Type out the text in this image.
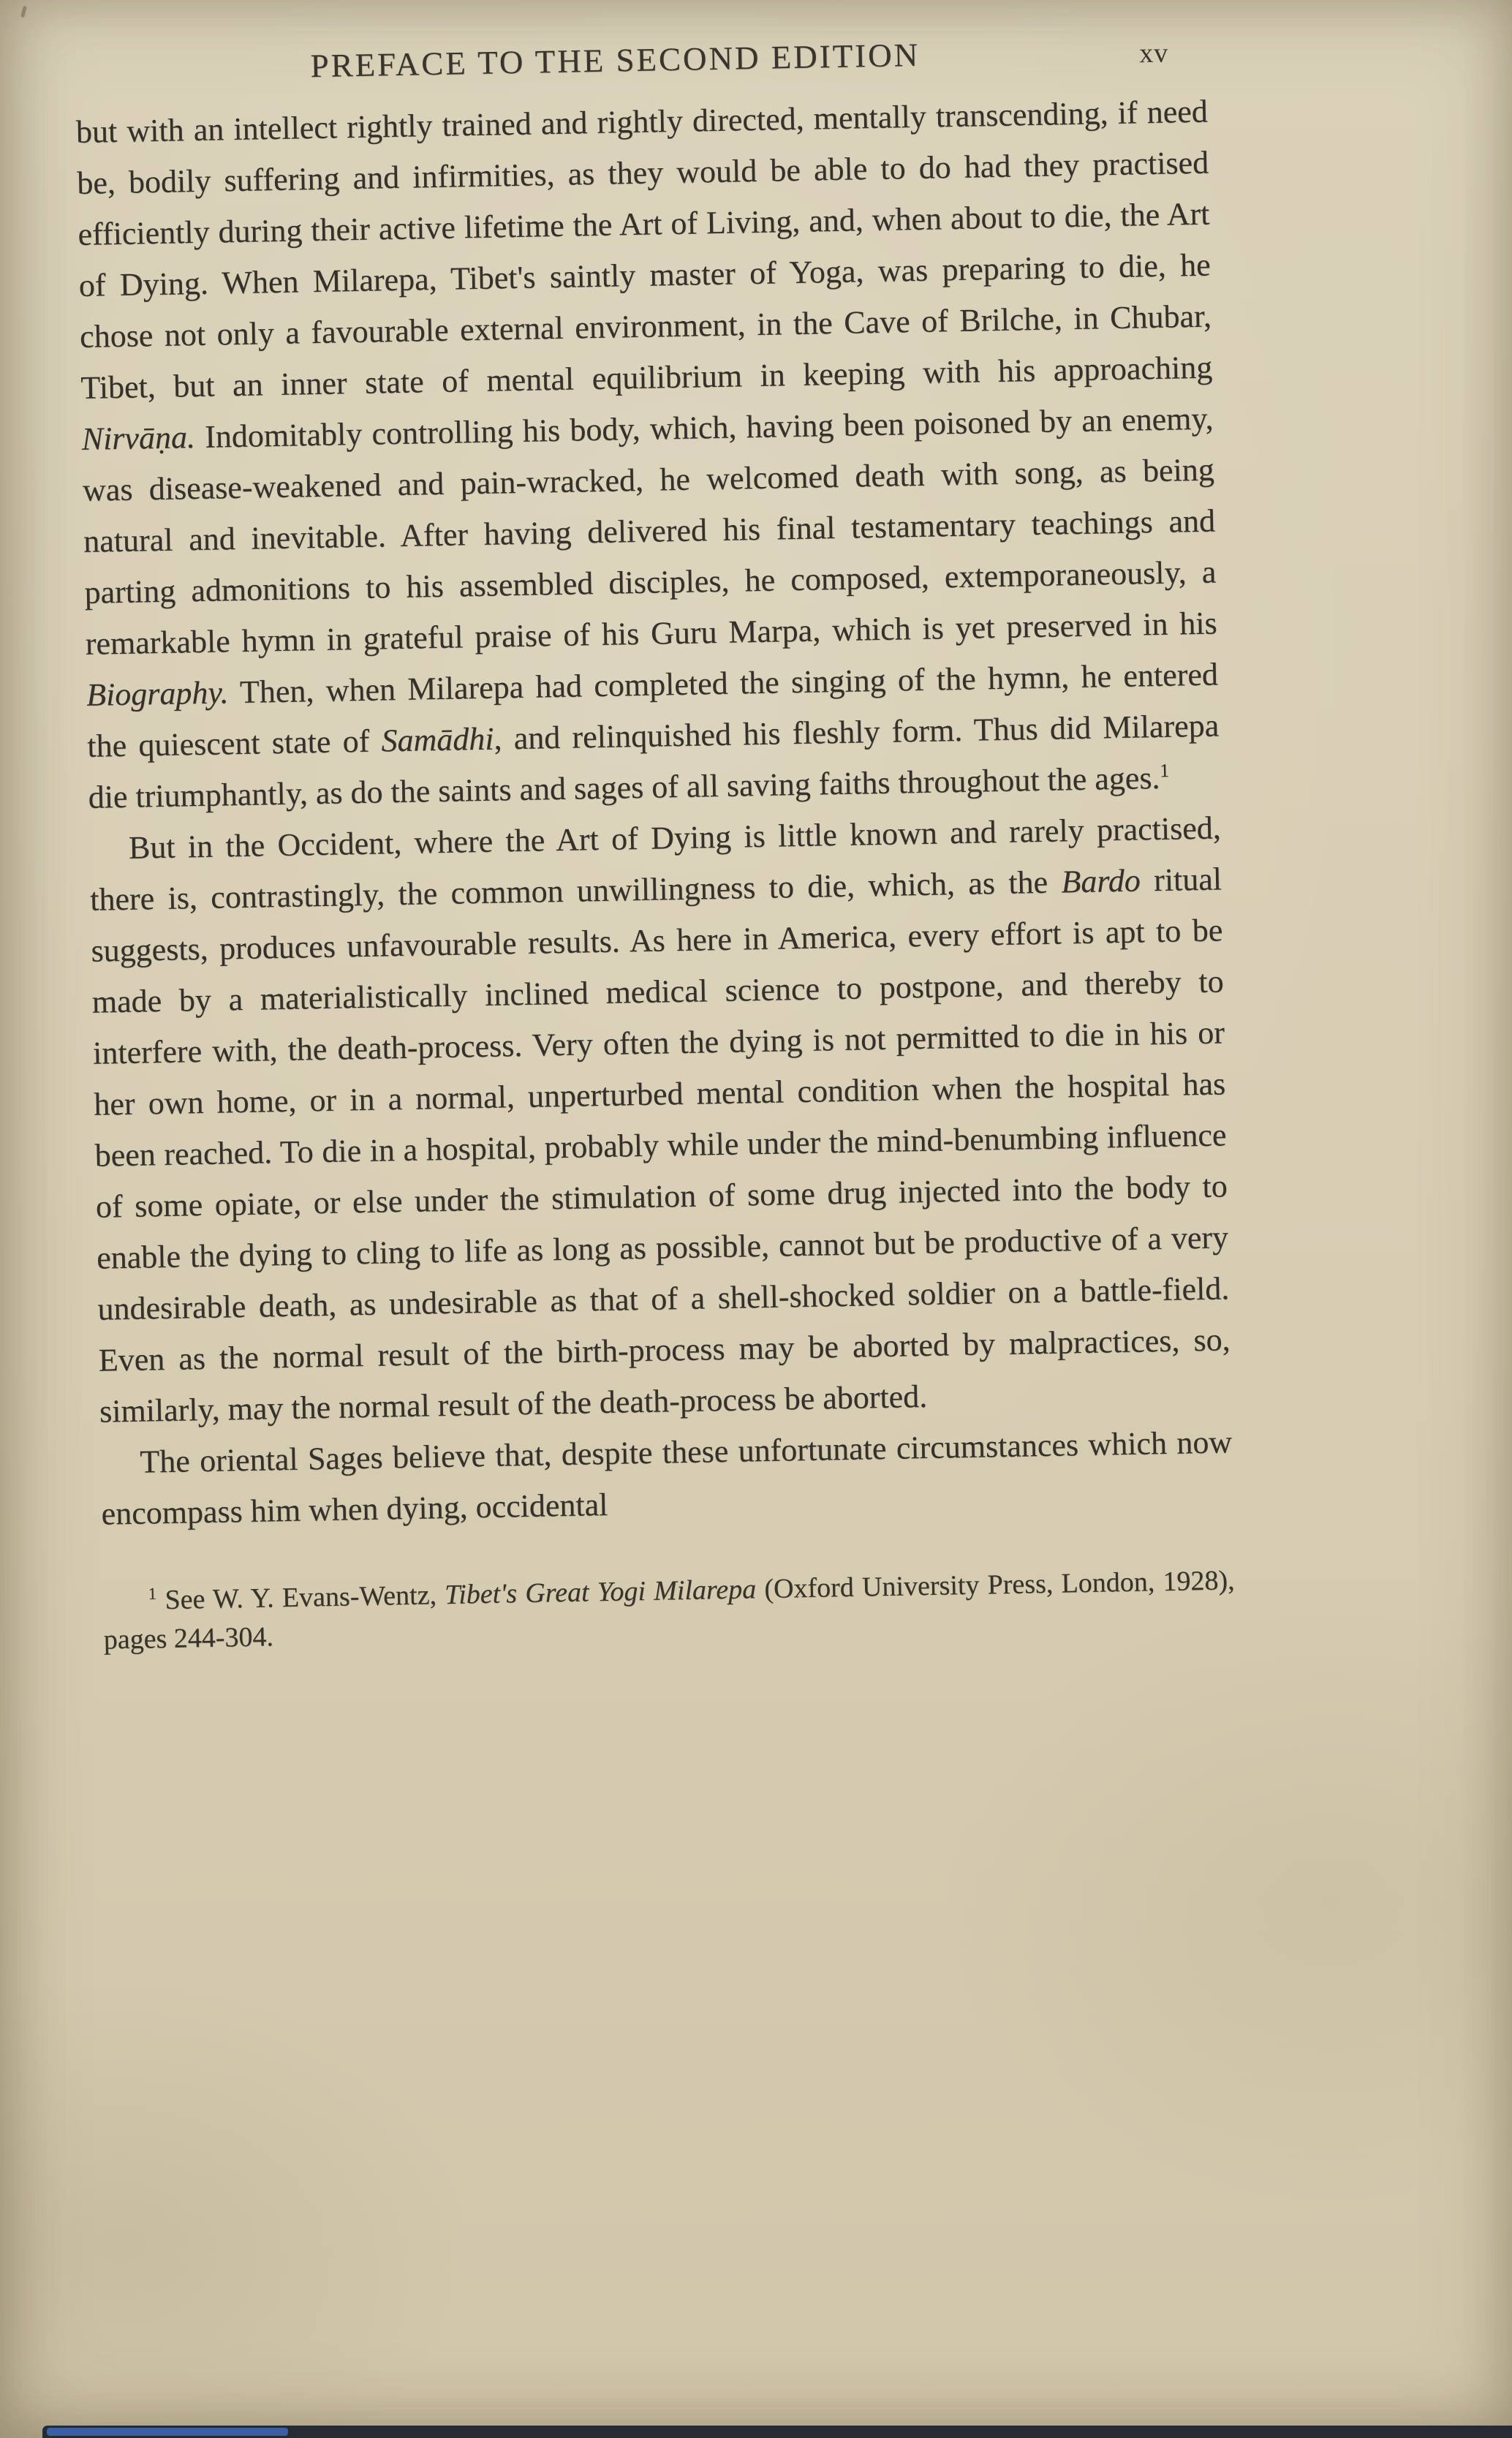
PREFACE TO THE SECOND EDITION	xv

but with an intellect rightly trained and rightly directed, mentally transcending, if need be, bodily suffering and infirmities, as they would be able to do had they practised efficiently during their active lifetime the Art of Living, and, when about to die, the Art of Dying. When Milarepa, Tibet's saintly master of Yoga, was preparing to die, he chose not only a favourable external environment, in the Cave of Brilche, in Chubar, Tibet, but an inner state of mental equilibrium in keeping with his approaching Nirvāṇa. Indomitably controlling his body, which, having been poisoned by an enemy, was disease-weakened and pain-wracked, he welcomed death with song, as being natural and inevitable. After having delivered his final testamentary teachings and parting admonitions to his assembled disciples, he composed, extemporaneously, a remarkable hymn in grateful praise of his Guru Marpa, which is yet preserved in his Biography. Then, when Milarepa had completed the singing of the hymn, he entered the quiescent state of Samādhi, and relinquished his fleshly form. Thus did Milarepa die triumphantly, as do the saints and sages of all saving faiths throughout the ages.$^1$

But in the Occident, where the Art of Dying is little known and rarely practised, there is, contrastingly, the common unwillingness to die, which, as the Bardo ritual suggests, produces unfavourable results. As here in America, every effort is apt to be made by a materialistically inclined medical science to postpone, and thereby to interfere with, the death-process. Very often the dying is not permitted to die in his or her own home, or in a normal, unperturbed mental condition when the hospital has been reached. To die in a hospital, probably while under the mind-benumbing influence of some opiate, or else under the stimulation of some drug injected into the body to enable the dying to cling to life as long as possible, cannot but be productive of a very undesirable death, as undesirable as that of a shell-shocked soldier on a battle-field. Even as the normal result of the birth-process may be aborted by malpractices, so, similarly, may the normal result of the death-process be aborted.

The oriental Sages believe that, despite these unfortunate circumstances which now encompass him when dying, occidental

$^1$ See W. Y. Evans-Wentz, Tibet's Great Yogi Milarepa (Oxford University Press, London, 1928), pages 244-304.
